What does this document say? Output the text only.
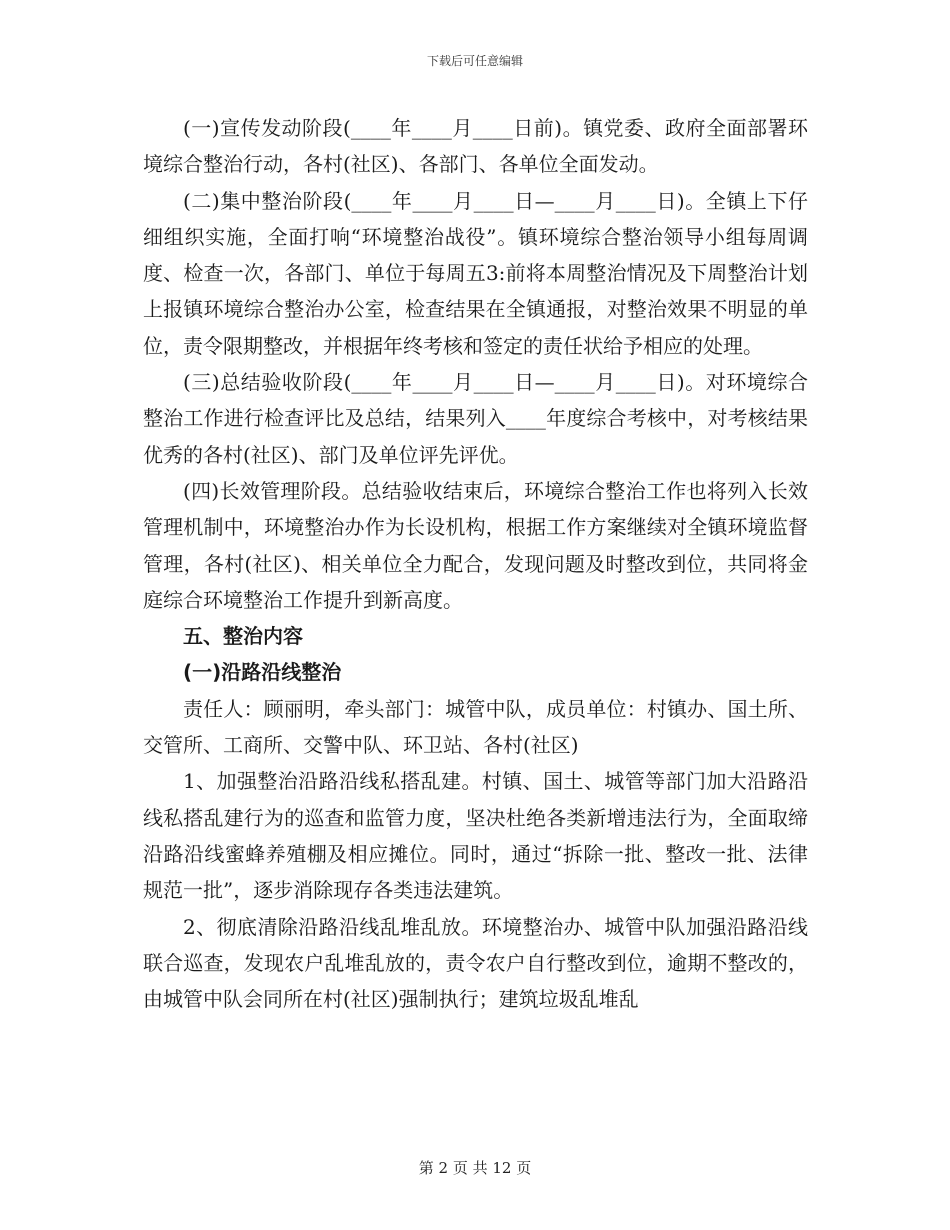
下载后可任意编辑

(一)宣传发动阶段(____年____月____日前)。镇党委、政府全面部署环境综合整治行动，各村(社区)、各部门、各单位全面发动。

(二)集中整治阶段(____年____月____日—____月____日)。全镇上下仔细组织实施，全面打响“环境整治战役”。镇环境综合整治领导小组每周调度、检查一次，各部门、单位于每周五3:前将本周整治情况及下周整治计划上报镇环境综合整治办公室，检查结果在全镇通报，对整治效果不明显的单位，责令限期整改，并根据年终考核和签定的责任状给予相应的处理。

(三)总结验收阶段(____年____月____日—____月____日)。对环境综合整治工作进行检查评比及总结，结果列入____年度综合考核中，对考核结果优秀的各村(社区)、部门及单位评先评优。

(四)长效管理阶段。总结验收结束后，环境综合整治工作也将列入长效管理机制中，环境整治办作为长设机构，根据工作方案继续对全镇环境监督管理，各村(社区)、相关单位全力配合，发现问题及时整改到位，共同将金庭综合环境整治工作提升到新高度。

五、整治内容

(一)沿路沿线整治

责任人：顾丽明，牵头部门：城管中队，成员单位：村镇办、国土所、交管所、工商所、交警中队、环卫站、各村(社区)

1、加强整治沿路沿线私搭乱建。村镇、国土、城管等部门加大沿路沿线私搭乱建行为的巡查和监管力度，坚决杜绝各类新增违法行为，全面取缔沿路沿线蜜蜂养殖棚及相应摊位。同时，通过“拆除一批、整改一批、法律规范一批”，逐步消除现存各类违法建筑。

2、彻底清除沿路沿线乱堆乱放。环境整治办、城管中队加强沿路沿线联合巡查，发现农户乱堆乱放的，责令农户自行整改到位，逾期不整改的，由城管中队会同所在村(社区)强制执行；建筑垃圾乱堆乱

第 2 页 共 12 页
